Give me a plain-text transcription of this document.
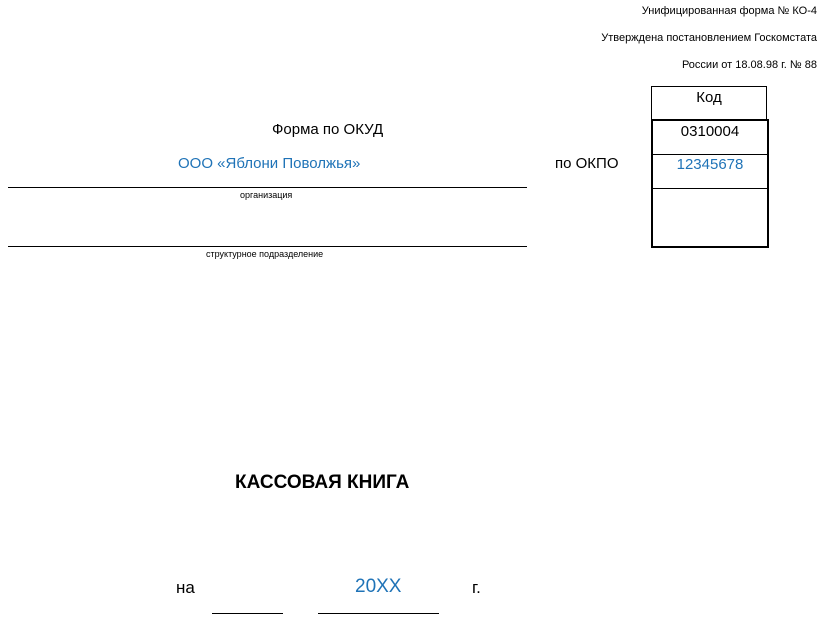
Унифицированная форма № КО-4
Утверждена постановлением Госкомстата
России от 18.08.98 г. № 88
Код
0310004
12345678
Форма по ОКУД
по ОКПО
ООО «Яблони Поволжья»
организация
структурное подразделение
КАССОВАЯ КНИГА
на	20XX	г.
